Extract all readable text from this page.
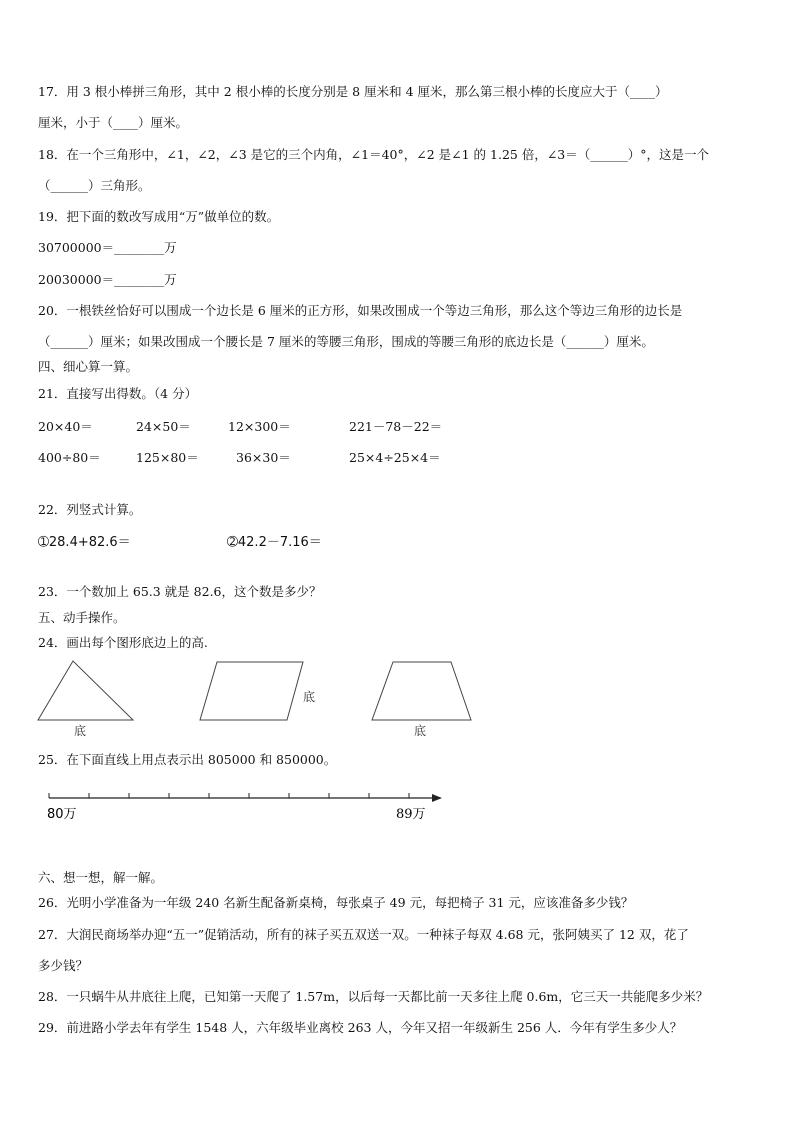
17．用 3 根小棒拼三角形，其中 2 根小棒的长度分别是 8 厘米和 4 厘米，那么第三根小棒的长度应大于（____）
厘米，小于（____）厘米。
18．在一个三角形中，∠1，∠2，∠3 是它的三个内角，∠1＝40°，∠2 是∠1 的 1.25 倍，∠3＝（______）°，这是一个
（______）三角形。
19．把下面的数改写成用“万”做单位的数。
30700000＝________万
20030000＝________万
20．一根铁丝恰好可以围成一个边长是 6 厘米的正方形，如果改围成一个等边三角形，那么这个等边三角形的边长是
（______）厘米；如果改围成一个腰长是 7 厘米的等腰三角形，围成的等腰三角形的底边长是（______）厘米。
四、细心算一算。
21．直接写出得数。（4 分）
20×40＝	24×50＝	12×300＝	221－78－22＝
400÷80＝	125×80＝	36×30＝	25×4÷25×4＝
22．列竖式计算。
➀28.4+82.6＝	➁42.2－7.16＝
23．一个数加上 65.3 就是 82.6，这个数是多少？
五、动手操作。
24．画出每个图形底边上的高.
底
底
底
25．在下面直线上用点表示出 805000 和 850000。
80万	89万
六、想一想，解一解。
26．光明小学准备为一年级 240 名新生配备新桌椅，每张桌子 49 元，每把椅子 31 元，应该准备多少钱？
27．大润民商场举办迎“五一”促销活动，所有的袜子买五双送一双。一种袜子每双 4.68 元，张阿姨买了 12 双，花了
多少钱？
28．一只蜗牛从井底往上爬，已知第一天爬了 1.57m，以后每一天都比前一天多往上爬 0.6m，它三天一共能爬多少米？
29．前进路小学去年有学生 1548 人，六年级毕业离校 263 人，今年又招一年级新生 256 人．今年有学生多少人？
